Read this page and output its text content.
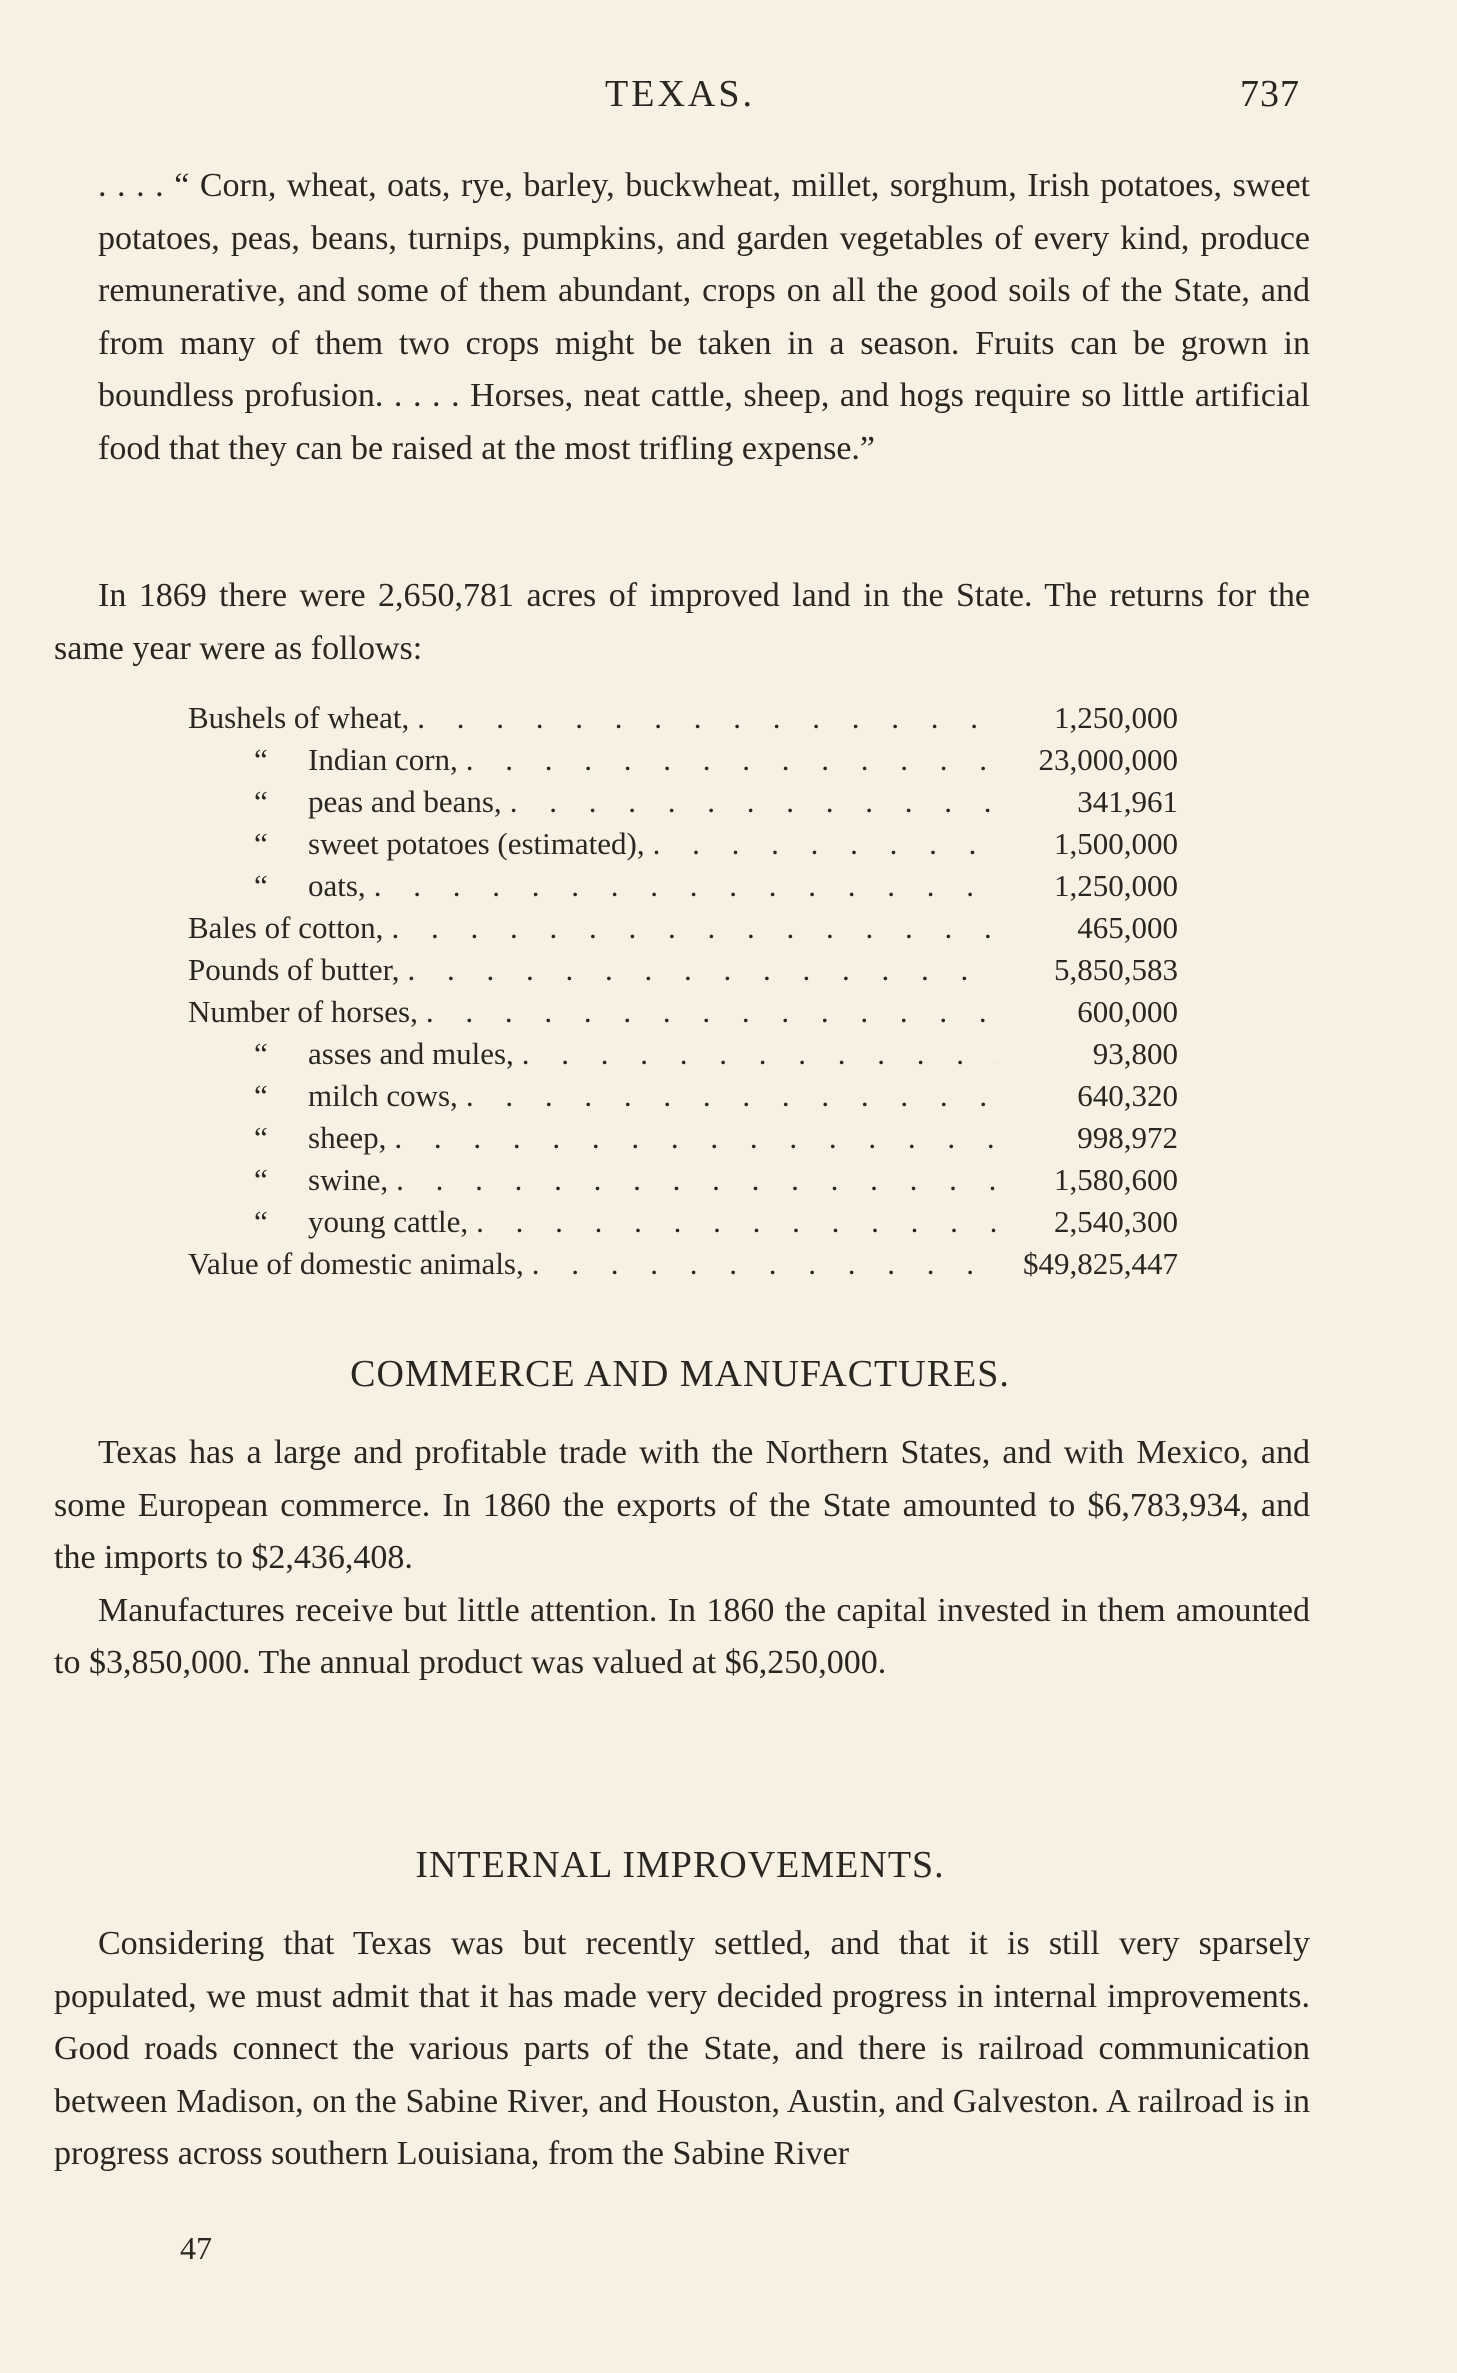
TEXAS.	737

. . . . “ Corn, wheat, oats, rye, barley, buckwheat, millet, sorghum, Irish potatoes, sweet potatoes, peas, beans, turnips, pumpkins, and garden vegetables of every kind, produce remunerative, and some of them abundant, crops on all the good soils of the State, and from many of them two crops might be taken in a season. Fruits can be grown in boundless profusion. . . . . Horses, neat cattle, sheep, and hogs require so little artificial food that they can be raised at the most trifling expense.”

In 1869 there were 2,650,781 acres of improved land in the State. The returns for the same year were as follows:

Bushels of wheat, . . .	1,250,000
“	Indian corn, . . .	23,000,000
“	peas and beans, . . .	341,961
“	sweet potatoes (estimated), . . .	1,500,000
“	oats, . . .	1,250,000
Bales of cotton, . . .	465,000
Pounds of butter, . . .	5,850,583
Number of horses, . . .	600,000
“	asses and mules, . . .	93,800
“	milch cows, . . .	640,320
“	sheep, . . .	998,972
“	swine, . . .	1,580,600
“	young cattle, . . .	2,540,300
Value of domestic animals, . . .	$49,825,447
COMMERCE AND MANUFACTURES.

Texas has a large and profitable trade with the Northern States, and with Mexico, and some European commerce. In 1860 the exports of the State amounted to $6,783,934, and the imports to $2,436,408.

Manufactures receive but little attention. In 1860 the capital invested in them amounted to $3,850,000. The annual product was valued at $6,250,000.

INTERNAL IMPROVEMENTS.

Considering that Texas was but recently settled, and that it is still very sparsely populated, we must admit that it has made very decided progress in internal improvements. Good roads connect the various parts of the State, and there is railroad communication between Madison, on the Sabine River, and Houston, Austin, and Galveston. A railroad is in progress across southern Louisiana, from the Sabine River

47
